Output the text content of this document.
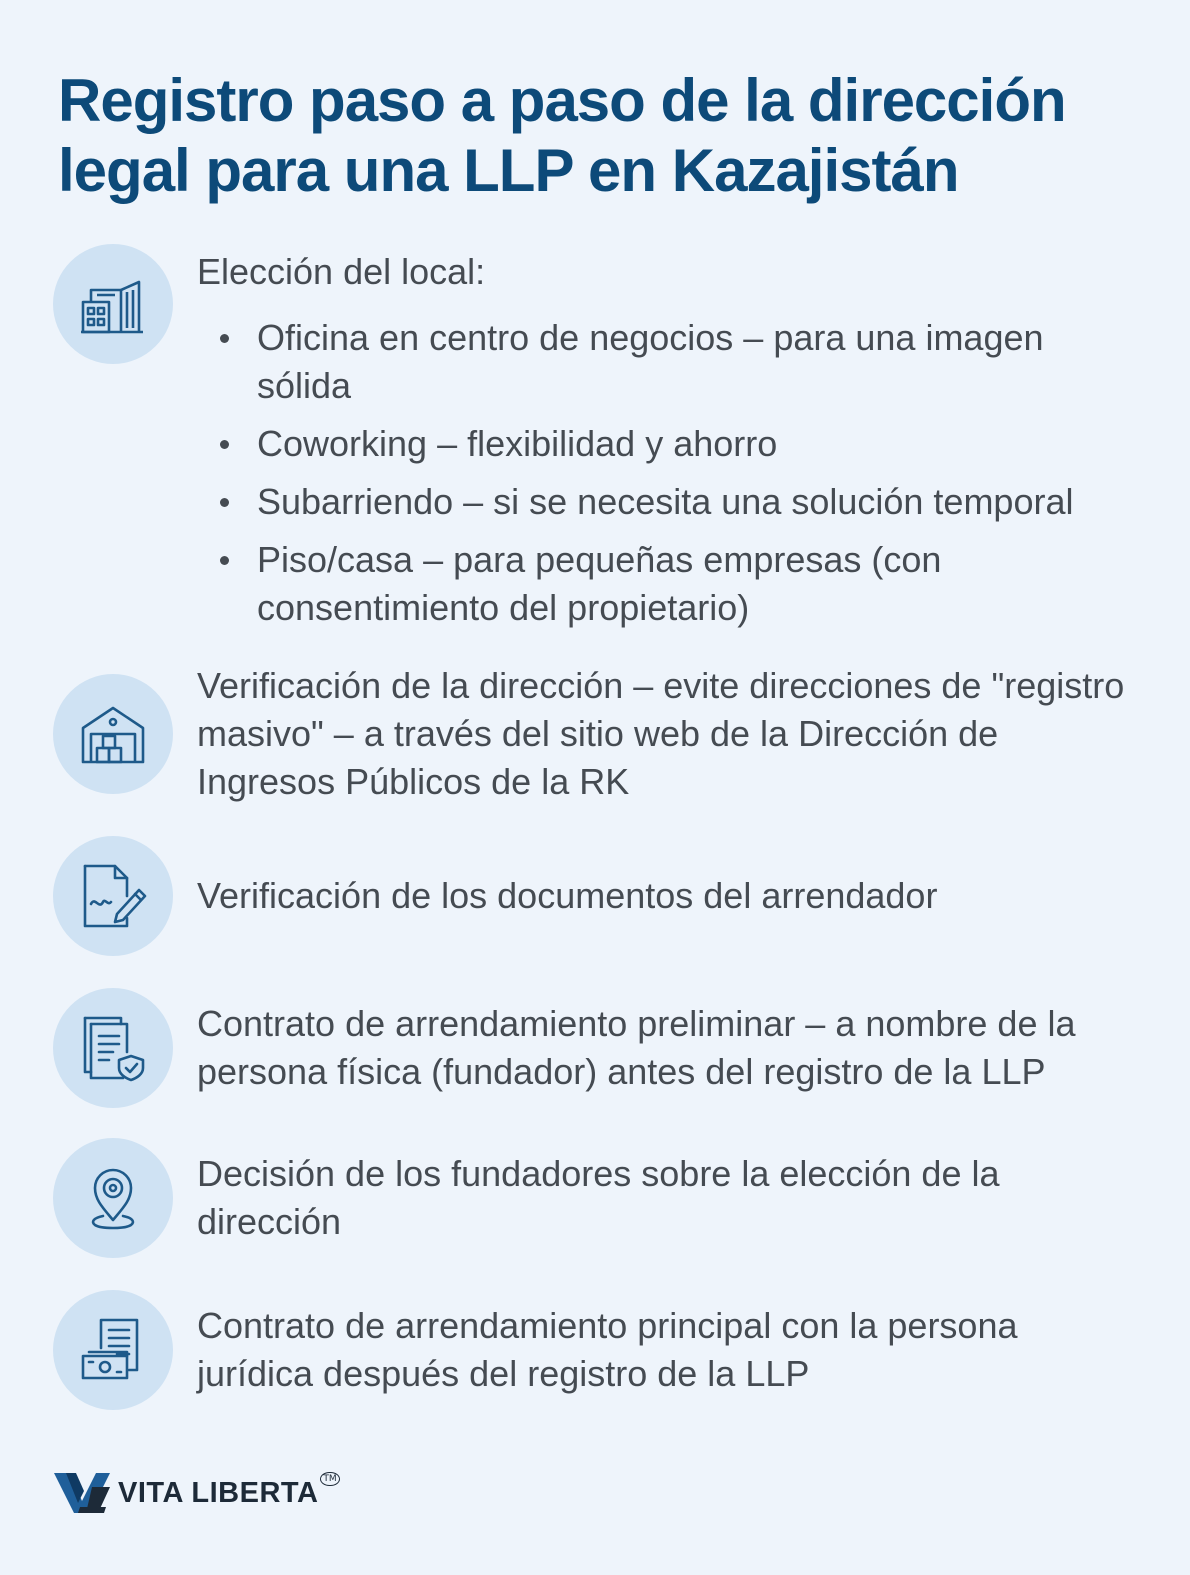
Registro paso a paso de la dirección legal para una LLP en Kazajistán

Elección del local:

Oficina en centro de negocios – para una imagen sólida
Coworking – flexibilidad y ahorro
Subarriendo – si se necesita una solución temporal
Piso/casa – para pequeñas empresas (con consentimiento del propietario)

Verificación de la dirección – evite direcciones de "registro masivo" – a través del sitio web de la Dirección de Ingresos Públicos de la RK

Verificación de los documentos del arrendador

Contrato de arrendamiento preliminar – a nombre de la persona física (fundador) antes del registro de la LLP

Decisión de los fundadores sobre la elección de la dirección

Contrato de arrendamiento principal con la persona jurídica después del registro de la LLP

VITA LIBERTA TM
